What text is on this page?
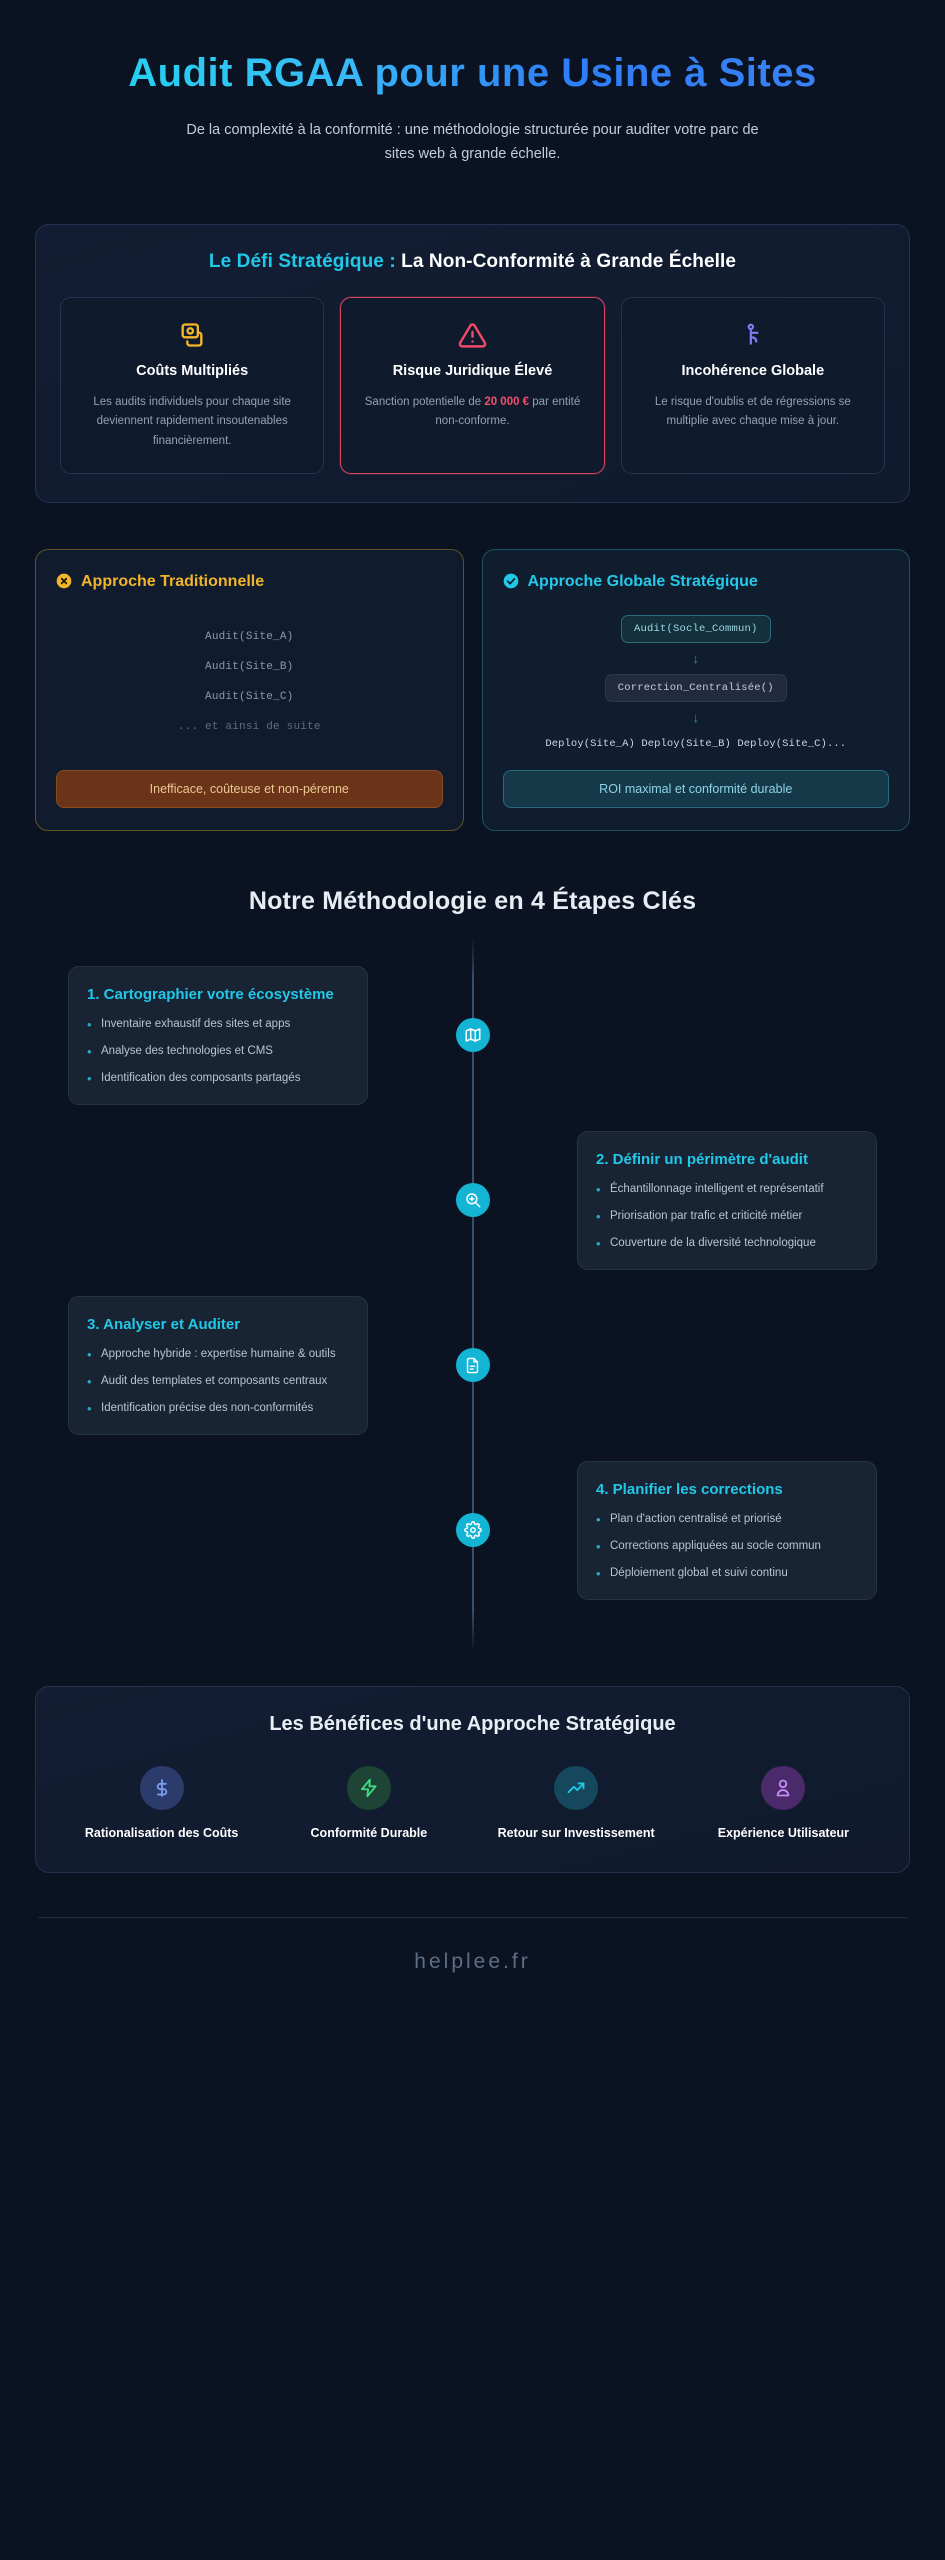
Audit RGAA pour une Usine à Sites

De la complexité à la conformité : une méthodologie structurée pour auditer votre parc de sites web à grande échelle.

Le Défi Stratégique : La Non-Conformité à Grande Échelle
Coûts Multipliés
Les audits individuels pour chaque site deviennent rapidement insoutenables financièrement.
Risque Juridique Élevé
Sanction potentielle de 20 000 € par entité non-conforme.
Incohérence Globale
Le risque d'oublis et de régressions se multiplie avec chaque mise à jour.
Approche Traditionnelle
Audit(Site_A)
Audit(Site_B)
Audit(Site_C)
... et ainsi de suite
Inefficace, coûteuse et non-pérenne
Approche Globale Stratégique
Audit(Socle_Commun)
↓
Correction_Centralisée()
↓
Deploy(Site_A) Deploy(Site_B) Deploy(Site_C)...
ROI maximal et conformité durable
Notre Méthodologie en 4 Étapes Clés
1. Cartographier votre écosystème
• Inventaire exhaustif des sites et apps
• Analyse des technologies et CMS
• Identification des composants partagés
2. Définir un périmètre d'audit
• Échantillonnage intelligent et représentatif
• Priorisation par trafic et criticité métier
• Couverture de la diversité technologique
3. Analyser et Auditer
• Approche hybride : expertise humaine & outils
• Audit des templates et composants centraux
• Identification précise des non-conformités
4. Planifier les corrections
• Plan d'action centralisé et priorisé
• Corrections appliquées au socle commun
• Déploiement global et suivi continu
Les Bénéfices d'une Approche Stratégique
Rationalisation des Coûts	Conformité Durable	Retour sur Investissement	Expérience Utilisateur
helplee.fr
